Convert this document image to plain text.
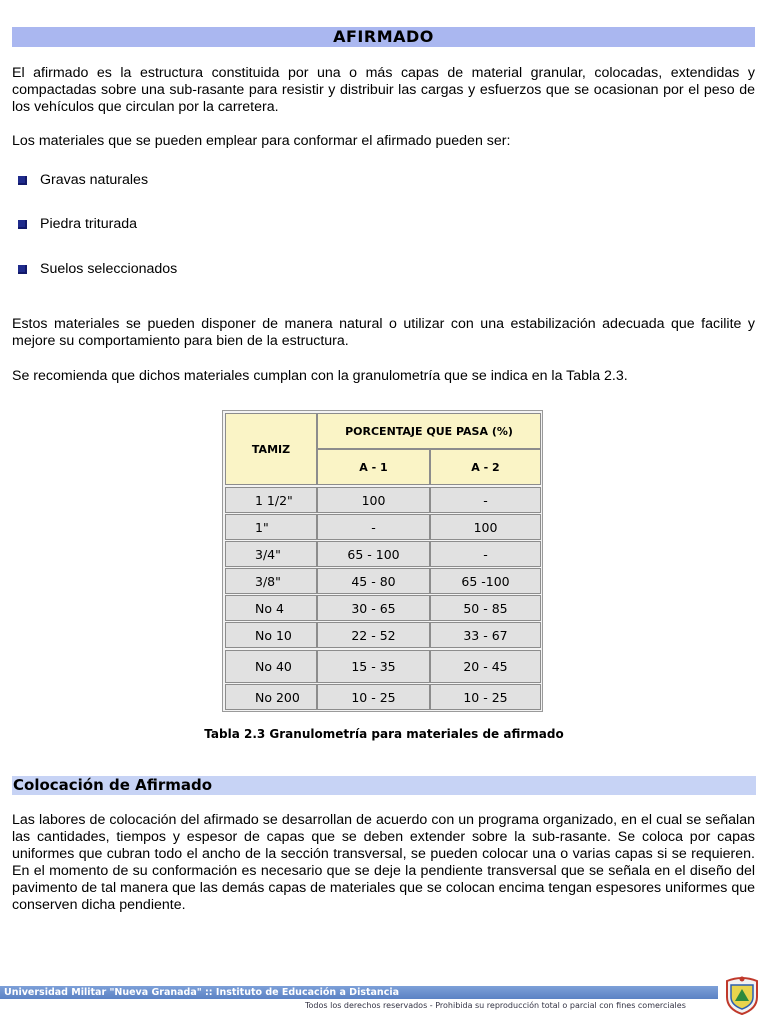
AFIRMADO

El afirmado es la estructura constituida por una o más capas de material granular, colocadas, extendidas y compactadas sobre una sub-rasante para resistir y distribuir las cargas y esfuerzos que se ocasionan por el peso de los vehículos que circulan por la carretera.

Los materiales que se pueden emplear para conformar el afirmado pueden ser:

Gravas naturales
Piedra triturada
Suelos seleccionados

Estos materiales se pueden disponer de manera natural o utilizar con una estabilización adecuada que facilite y mejore su comportamiento para bien de la estructura.

Se recomienda que dichos materiales cumplan con la granulometría que se indica en la Tabla 2.3.

TAMIZ
PORCENTAJE QUE PASA (%)
A - 1	A - 2
1 1/2"	100	-
1"	-	100
3/4"	65 - 100	-
3/8"	45 - 80	65 -100
No 4	30 - 65	50 - 85
No 10	22 - 52	33 - 67
No 40	15 - 35	20 - 45
No 200	10 - 25	10 - 25
Tabla 2.3 Granulometría para materiales de afirmado
Colocación de Afirmado

Las labores de colocación del afirmado se desarrollan de acuerdo con un programa organizado, en el cual se señalan las cantidades, tiempos y espesor de capas que se deben extender sobre la sub-rasante. Se coloca por capas uniformes que cubran todo el ancho de la sección transversal, se pueden colocar una o varias capas si se requieren. En el momento de su conformación es necesario que se deje la pendiente transversal que se señala en el diseño del pavimento de tal manera que las demás capas de materiales que se colocan encima tengan espesores uniformes que conserven dicha pendiente.

Universidad Militar "Nueva Granada" :: Instituto de Educación a Distancia
Todos los derechos reservados - Prohibida su reproducción total o parcial con fines comerciales
